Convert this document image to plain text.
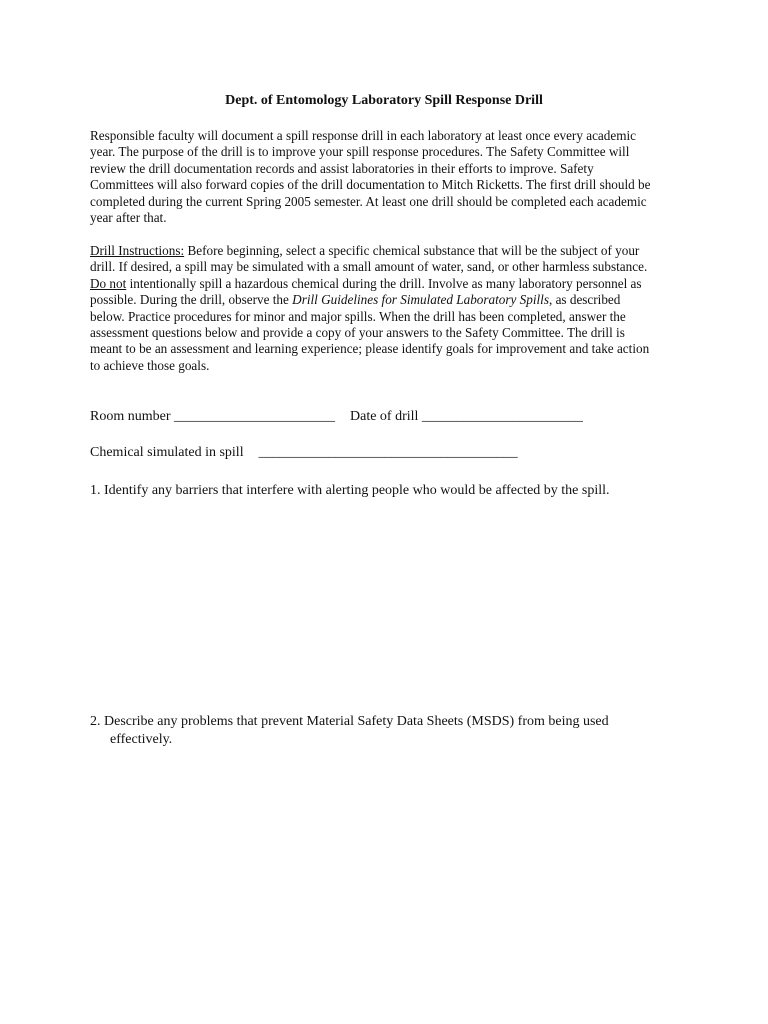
Dept. of Entomology Laboratory Spill Response Drill
Responsible faculty will document a spill response drill in each laboratory at least once every academic
year. The purpose of the drill is to improve your spill response procedures. The Safety Committee will
review the drill documentation records and assist laboratories in their efforts to improve. Safety
Committees will also forward copies of the drill documentation to Mitch Ricketts. The first drill should be
completed during the current Spring 2005 semester. At least one drill should be completed each academic
year after that.
Drill Instructions: Before beginning, select a specific chemical substance that will be the subject of your
drill. If desired, a spill may be simulated with a small amount of water, sand, or other harmless substance.
Do not intentionally spill a hazardous chemical during the drill. Involve as many laboratory personnel as
possible. During the drill, observe the Drill Guidelines for Simulated Laboratory Spills, as described
below. Practice procedures for minor and major spills. When the drill has been completed, answer the
assessment questions below and provide a copy of your answers to the Safety Committee. The drill is
meant to be an assessment and learning experience; please identify goals for improvement and take action
to achieve those goals.
Room number _______________________ Date of drill _______________________
Chemical simulated in spill _____________________________________
1. Identify any barriers that interfere with alerting people who would be affected by the spill.
2. Describe any problems that prevent Material Safety Data Sheets (MSDS) from being used
effectively.
